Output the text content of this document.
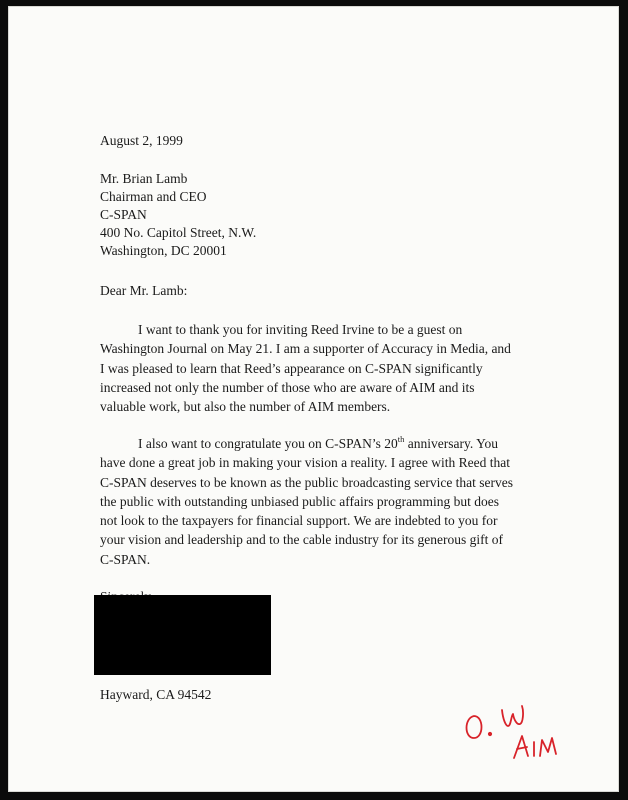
August 2, 1999
Mr. Brian Lamb
Chairman and CEO
C-SPAN
400 No. Capitol Street, N.W.
Washington, DC 20001
Dear Mr. Lamb:
I want to thank you for inviting Reed Irvine to be a guest on
Washington Journal on May 21. I am a supporter of Accuracy in Media, and
I was pleased to learn that Reed’s appearance on C-SPAN significantly
increased not only the number of those who are aware of AIM and its
valuable work, but also the number of AIM members.
I also want to congratulate you on C-SPAN’s 20th anniversary. You
have done a great job in making your vision a reality. I agree with Reed that
C-SPAN deserves to be known as the public broadcasting service that serves
the public with outstanding unbiased public affairs programming but does
not look to the taxpayers for financial support. We are indebted to you for
your vision and leadership and to the cable industry for its generous gift of
C-SPAN.
Hayward, CA 94542
